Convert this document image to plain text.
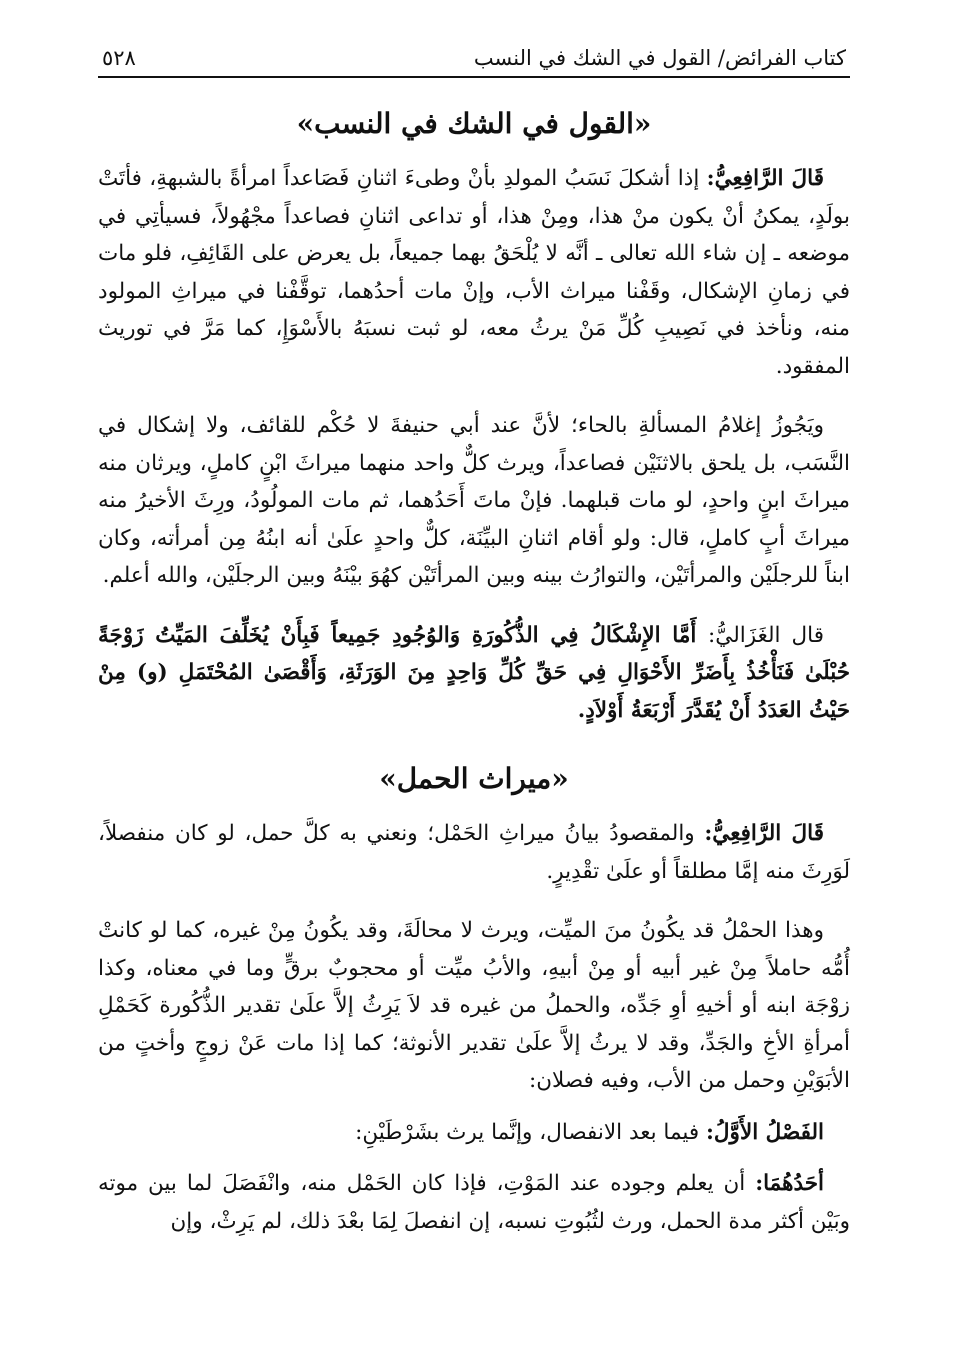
كتاب الفرائض/ القول في الشك في النسب
٥٢٨
«القول في الشك في النسب»

قَالَ الرَّافِعِيُّ: إذا أشكلَ نَسَبُ المولدِ بأنْ وطىءَ اثنانِ فَصَاعداً امرأةً بالشبهةِ، فأتَتْ بولَدٍ، يمكنُ أنْ يكون منْ هذا، ومِنْ هذا، أو تداعى اثنانِ فصاعداً مجْهُولاً، فسيأتِي في موضعه ـ إن شاء الله تعالى ـ أنَّه لا يُلْحَقُ بهما جميعاً، بل يعرض على القَائِفِ، فلو مات في زمانِ الإشكال، وقَفْنا ميراث الأب، وإنْ مات أحدُهما، توقَّفْنا في ميراثِ المولود منه، ونأخذ في نَصِيبِ كُلِّ مَنْ يرثُ معه، لو ثبت نسبَهُ بالأَسْوَإِ، كما مَرَّ في توريث المفقود.

ويَجُوزُ إغلامُ المسألةِ بالحاء؛ لأنَّ عند أبي حنيفةَ لا حُكْم للقائف، ولا إشكال في النَّسَب، بل يلحق بالاثنَيْن فصاعداً، ويرث كلٌّ واحد منهما ميراثَ ابْنٍ كاملٍ، ويرثان منه ميراثَ ابنٍ واحدٍ، لو مات قبلهما. فإنْ ماتَ أَحَدُهما، ثم مات المولُودُ، ورِثَ الأخيرُ منه ميراثَ أبٍ كاملٍ، قال: ولو أقام اثنانِ البيِّنَة، كلٌّ واحدٍ علَىٰ أنه ابنُهُ مِن أمرأته، وكان ابناً للرجلَيْن والمرأتَيْن، والتوارُث بينه وبين المرأتَيْن كهُوَ بيْنَهُ وبين الرجلَيْن، والله أعلم.

قال الغَزَاليُّ: أَمَّا الإِشْكَالُ فِي الذُّكُورَةِ وَالوُجُودِ جَمِيعاً فَبِأَنْ يُخَلِّفَ المَيِّتُ زَوْجَةً حُبْلَىٰ فَنَأْخُذُ بِأَضَرِّ الأَحْوَالِ فِي حَقِّ كُلِّ وَاحِدٍ مِنَ الوَرَثَةِ، وَأَقْصَىٰ المُحْتَمَلِ (و) مِنْ حَيْثُ العَدَدُ أَنْ يُقَدَّرَ أَرْبَعَةُ أَوْلاَدٍ.

«ميراث الحمل»

قَالَ الرَّافِعِيُّ: والمقصودُ بيانُ ميراثِ الحَمْل؛ ونعني به كلَّ حمل، لو كان منفصلاً، لَوَرِثَ منه إمَّا مطلقاً أو علَىٰ تقْدِيرٍ.

وهذا الحمْلُ قد يكُونُ منَ الميِّت، ويرث لا محالَةَ، وقد يكُونُ مِنْ غيره، كما لو كانتْ أُمُّه حاملاً مِنْ غير أبيه أو مِنْ أبيهِ، والأبُ ميِّت أو محجوبٌ برقٍّ وما في معناه، وكذا زوْجَة ابنه أو أخيهِ أوِ جَدِّه، والحملُ من غيره قد لاَ يَرِثُ إلاَّ علَىٰ تقدير الذُّكُورة كَحَمْلِ أمرأةِ الأخِ والجَدِّ، وقد لا يرثُ إلاَّ علَىٰ تقدير الأنوثة؛ كما إذا مات عَنْ زوجٍ وأختٍ من الأبَوَيْنِ وحمل من الأب، وفيه فصلان:

الفَصْلُ الأَوَّلُ: فيما بعد الانفصال، وإنَّما يرث بشَرْطَيْنِ:

أحَدُهُمَا: أن يعلم وجوده عند المَوْتِ، فإذا كان الحَمْل منه، وانْفَصَلَ لما بين موته وبَيْن أكثر مدة الحمل، ورث لثُبُوتِ نسبه، إن انفصلَ لِمَا بعْدَ ذلك، لم يَرِثْ، وإن
